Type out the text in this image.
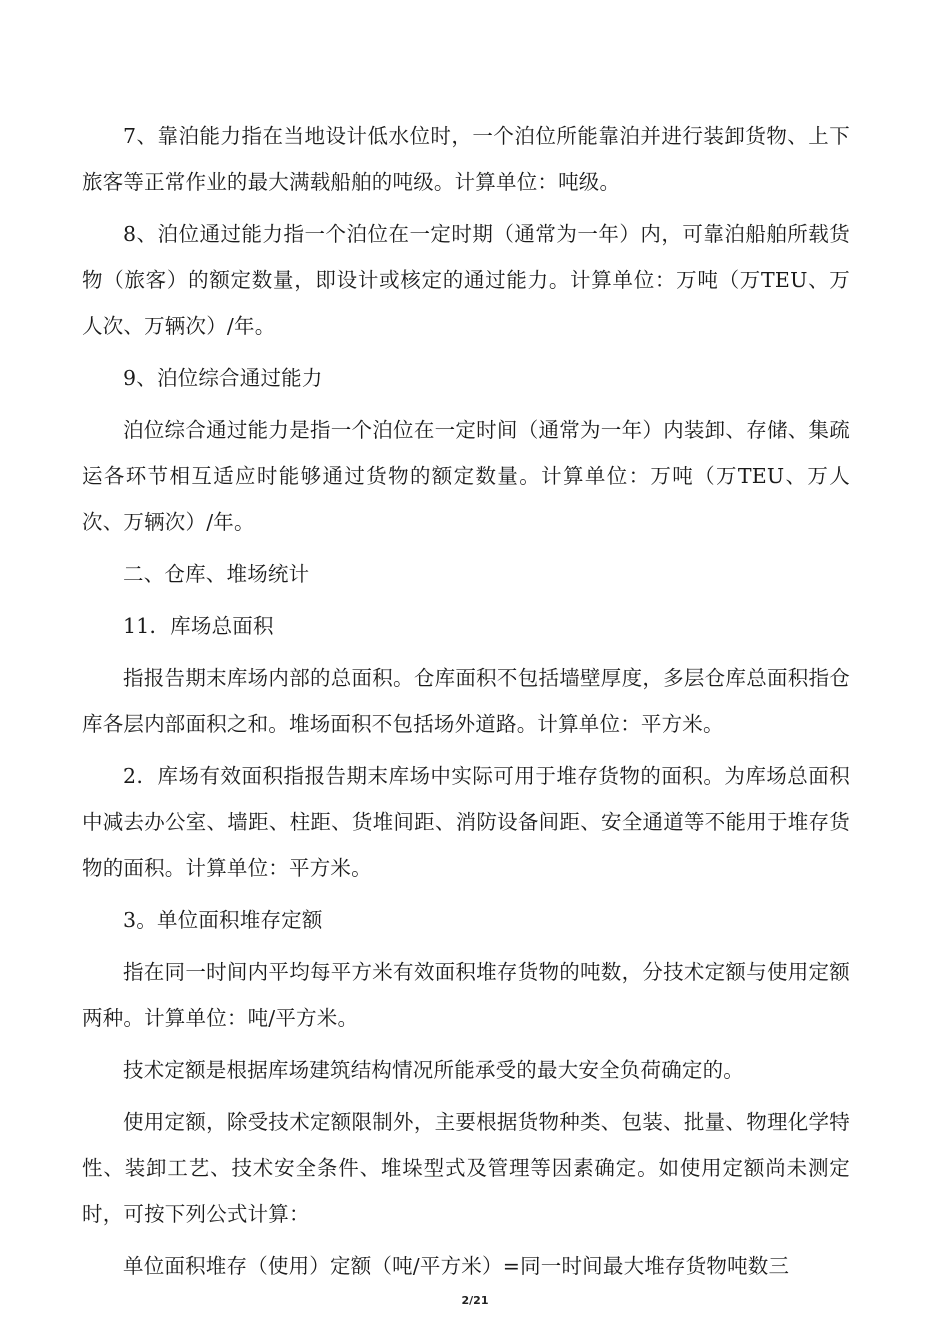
7、靠泊能力指在当地设计低水位时，一个泊位所能靠泊并进行装卸货物、上下旅客等正常作业的最大满载船舶的吨级。计算单位：吨级。

8、泊位通过能力指一个泊位在一定时期（通常为一年）内，可靠泊船舶所载货物（旅客）的额定数量，即设计或核定的通过能力。计算单位：万吨（万TEU、万人次、万辆次）/年。

9、泊位综合通过能力

泊位综合通过能力是指一个泊位在一定时间（通常为一年）内装卸、存储、集疏运各环节相互适应时能够通过货物的额定数量。计算单位：万吨（万TEU、万人次、万辆次）/年。

二、仓库、堆场统计

11．库场总面积

指报告期末库场内部的总面积。仓库面积不包括墙壁厚度，多层仓库总面积指仓库各层内部面积之和。堆场面积不包括场外道路。计算单位：平方米。

2．库场有效面积指报告期末库场中实际可用于堆存货物的面积。为库场总面积中减去办公室、墙距、柱距、货堆间距、消防设备间距、安全通道等不能用于堆存货物的面积。计算单位：平方米。

3。单位面积堆存定额

指在同一时间内平均每平方米有效面积堆存货物的吨数，分技术定额与使用定额两种。计算单位：吨/平方米。

技术定额是根据库场建筑结构情况所能承受的最大安全负荷确定的。

使用定额，除受技术定额限制外，主要根据货物种类、包装、批量、物理化学特性、装卸工艺、技术安全条件、堆垛型式及管理等因素确定。如使用定额尚未测定时，可按下列公式计算：

单位面积堆存（使用）定额（吨/平方米）=同一时间最大堆存货物吨数三

2/21
